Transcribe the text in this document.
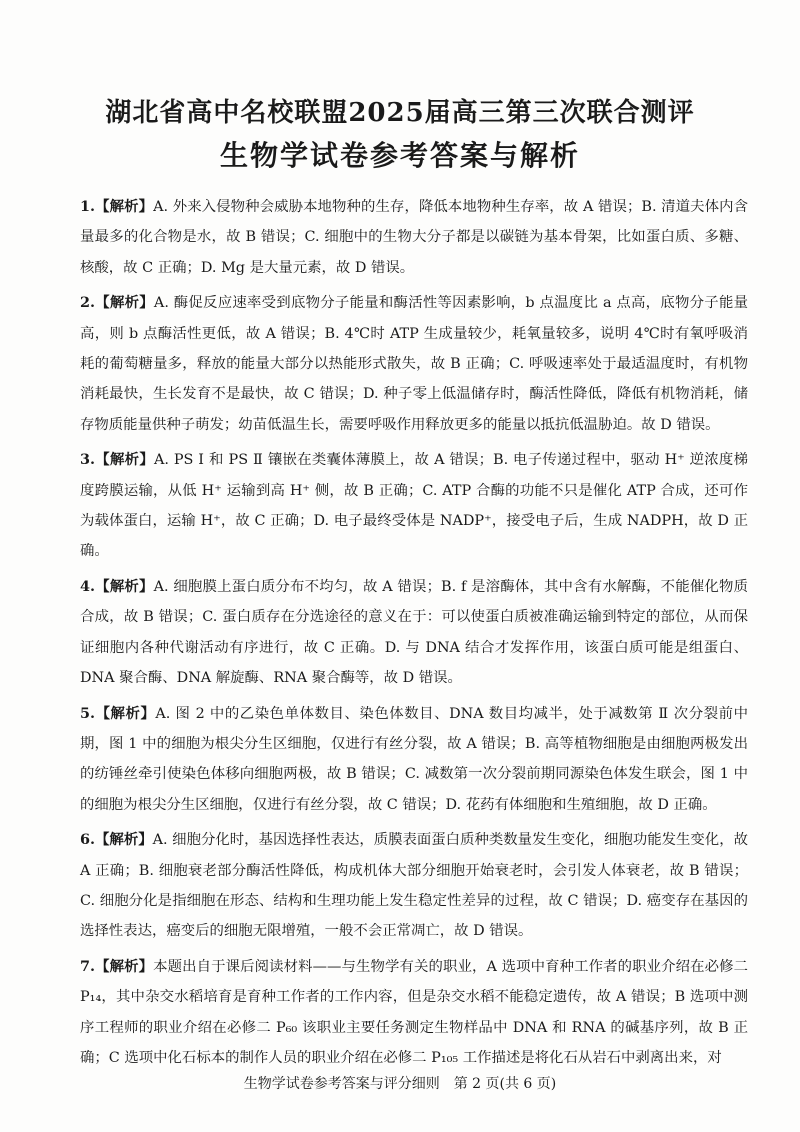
湖北省高中名校联盟2025届高三第三次联合测评
生物学试卷参考答案与解析
1.【解析】A. 外来入侵物种会威胁本地物种的生存，降低本地物种生存率，故 A 错误；B. 清道夫体内含量最多的化合物是水，故 B 错误；C. 细胞中的生物大分子都是以碳链为基本骨架，比如蛋白质、多糖、核酸，故 C 正确；D. Mg 是大量元素，故 D 错误。
2.【解析】A. 酶促反应速率受到底物分子能量和酶活性等因素影响，b 点温度比 a 点高，底物分子能量高，则 b 点酶活性更低，故 A 错误；B. 4℃时 ATP 生成量较少，耗氧量较多，说明 4℃时有氧呼吸消耗的葡萄糖量多，释放的能量大部分以热能形式散失，故 B 正确；C. 呼吸速率处于最适温度时，有机物消耗最快，生长发育不是最快，故 C 错误；D. 种子零上低温储存时，酶活性降低，降低有机物消耗，储存物质能量供种子萌发；幼苗低温生长，需要呼吸作用释放更多的能量以抵抗低温胁迫。故 D 错误。
3.【解析】A. PS Ⅰ 和 PS Ⅱ 镶嵌在类囊体薄膜上，故 A 错误；B. 电子传递过程中，驱动 H⁺ 逆浓度梯度跨膜运输，从低 H⁺ 运输到高 H⁺ 侧，故 B 正确；C. ATP 合酶的功能不只是催化 ATP 合成，还可作为载体蛋白，运输 H⁺，故 C 正确；D. 电子最终受体是 NADP⁺，接受电子后，生成 NADPH，故 D 正确。
4.【解析】A. 细胞膜上蛋白质分布不均匀，故 A 错误；B. f 是溶酶体，其中含有水解酶，不能催化物质合成，故 B 错误；C. 蛋白质存在分选途径的意义在于：可以使蛋白质被准确运输到特定的部位，从而保证细胞内各种代谢活动有序进行，故 C 正确。D. 与 DNA 结合才发挥作用，该蛋白质可能是组蛋白、DNA 聚合酶、DNA 解旋酶、RNA 聚合酶等，故 D 错误。
5.【解析】A. 图 2 中的乙染色单体数目、染色体数目、DNA 数目均减半，处于减数第 Ⅱ 次分裂前中期，图 1 中的细胞为根尖分生区细胞，仅进行有丝分裂，故 A 错误；B. 高等植物细胞是由细胞两极发出的纺锤丝牵引使染色体移向细胞两极，故 B 错误；C. 减数第一次分裂前期同源染色体发生联会，图 1 中的细胞为根尖分生区细胞，仅进行有丝分裂，故 C 错误；D. 花药有体细胞和生殖细胞，故 D 正确。
6.【解析】A. 细胞分化时，基因选择性表达，质膜表面蛋白质种类数量发生变化，细胞功能发生变化，故 A 正确；B. 细胞衰老部分酶活性降低，构成机体大部分细胞开始衰老时，会引发人体衰老，故 B 错误；C. 细胞分化是指细胞在形态、结构和生理功能上发生稳定性差异的过程，故 C 错误；D. 癌变存在基因的选择性表达，癌变后的细胞无限增殖，一般不会正常凋亡，故 D 错误。
7.【解析】本题出自于课后阅读材料——与生物学有关的职业，A 选项中育种工作者的职业介绍在必修二 P₁₄，其中杂交水稻培育是育种工作者的工作内容，但是杂交水稻不能稳定遗传，故 A 错误；B 选项中测序工程师的职业介绍在必修二 P₆₀ 该职业主要任务测定生物样品中 DNA 和 RNA 的碱基序列，故 B 正确；C 选项中化石标本的制作人员的职业介绍在必修二 P₁₀₅ 工作描述是将化石从岩石中剥离出来，对
生物学试卷参考答案与评分细则　第 2 页(共 6 页)
